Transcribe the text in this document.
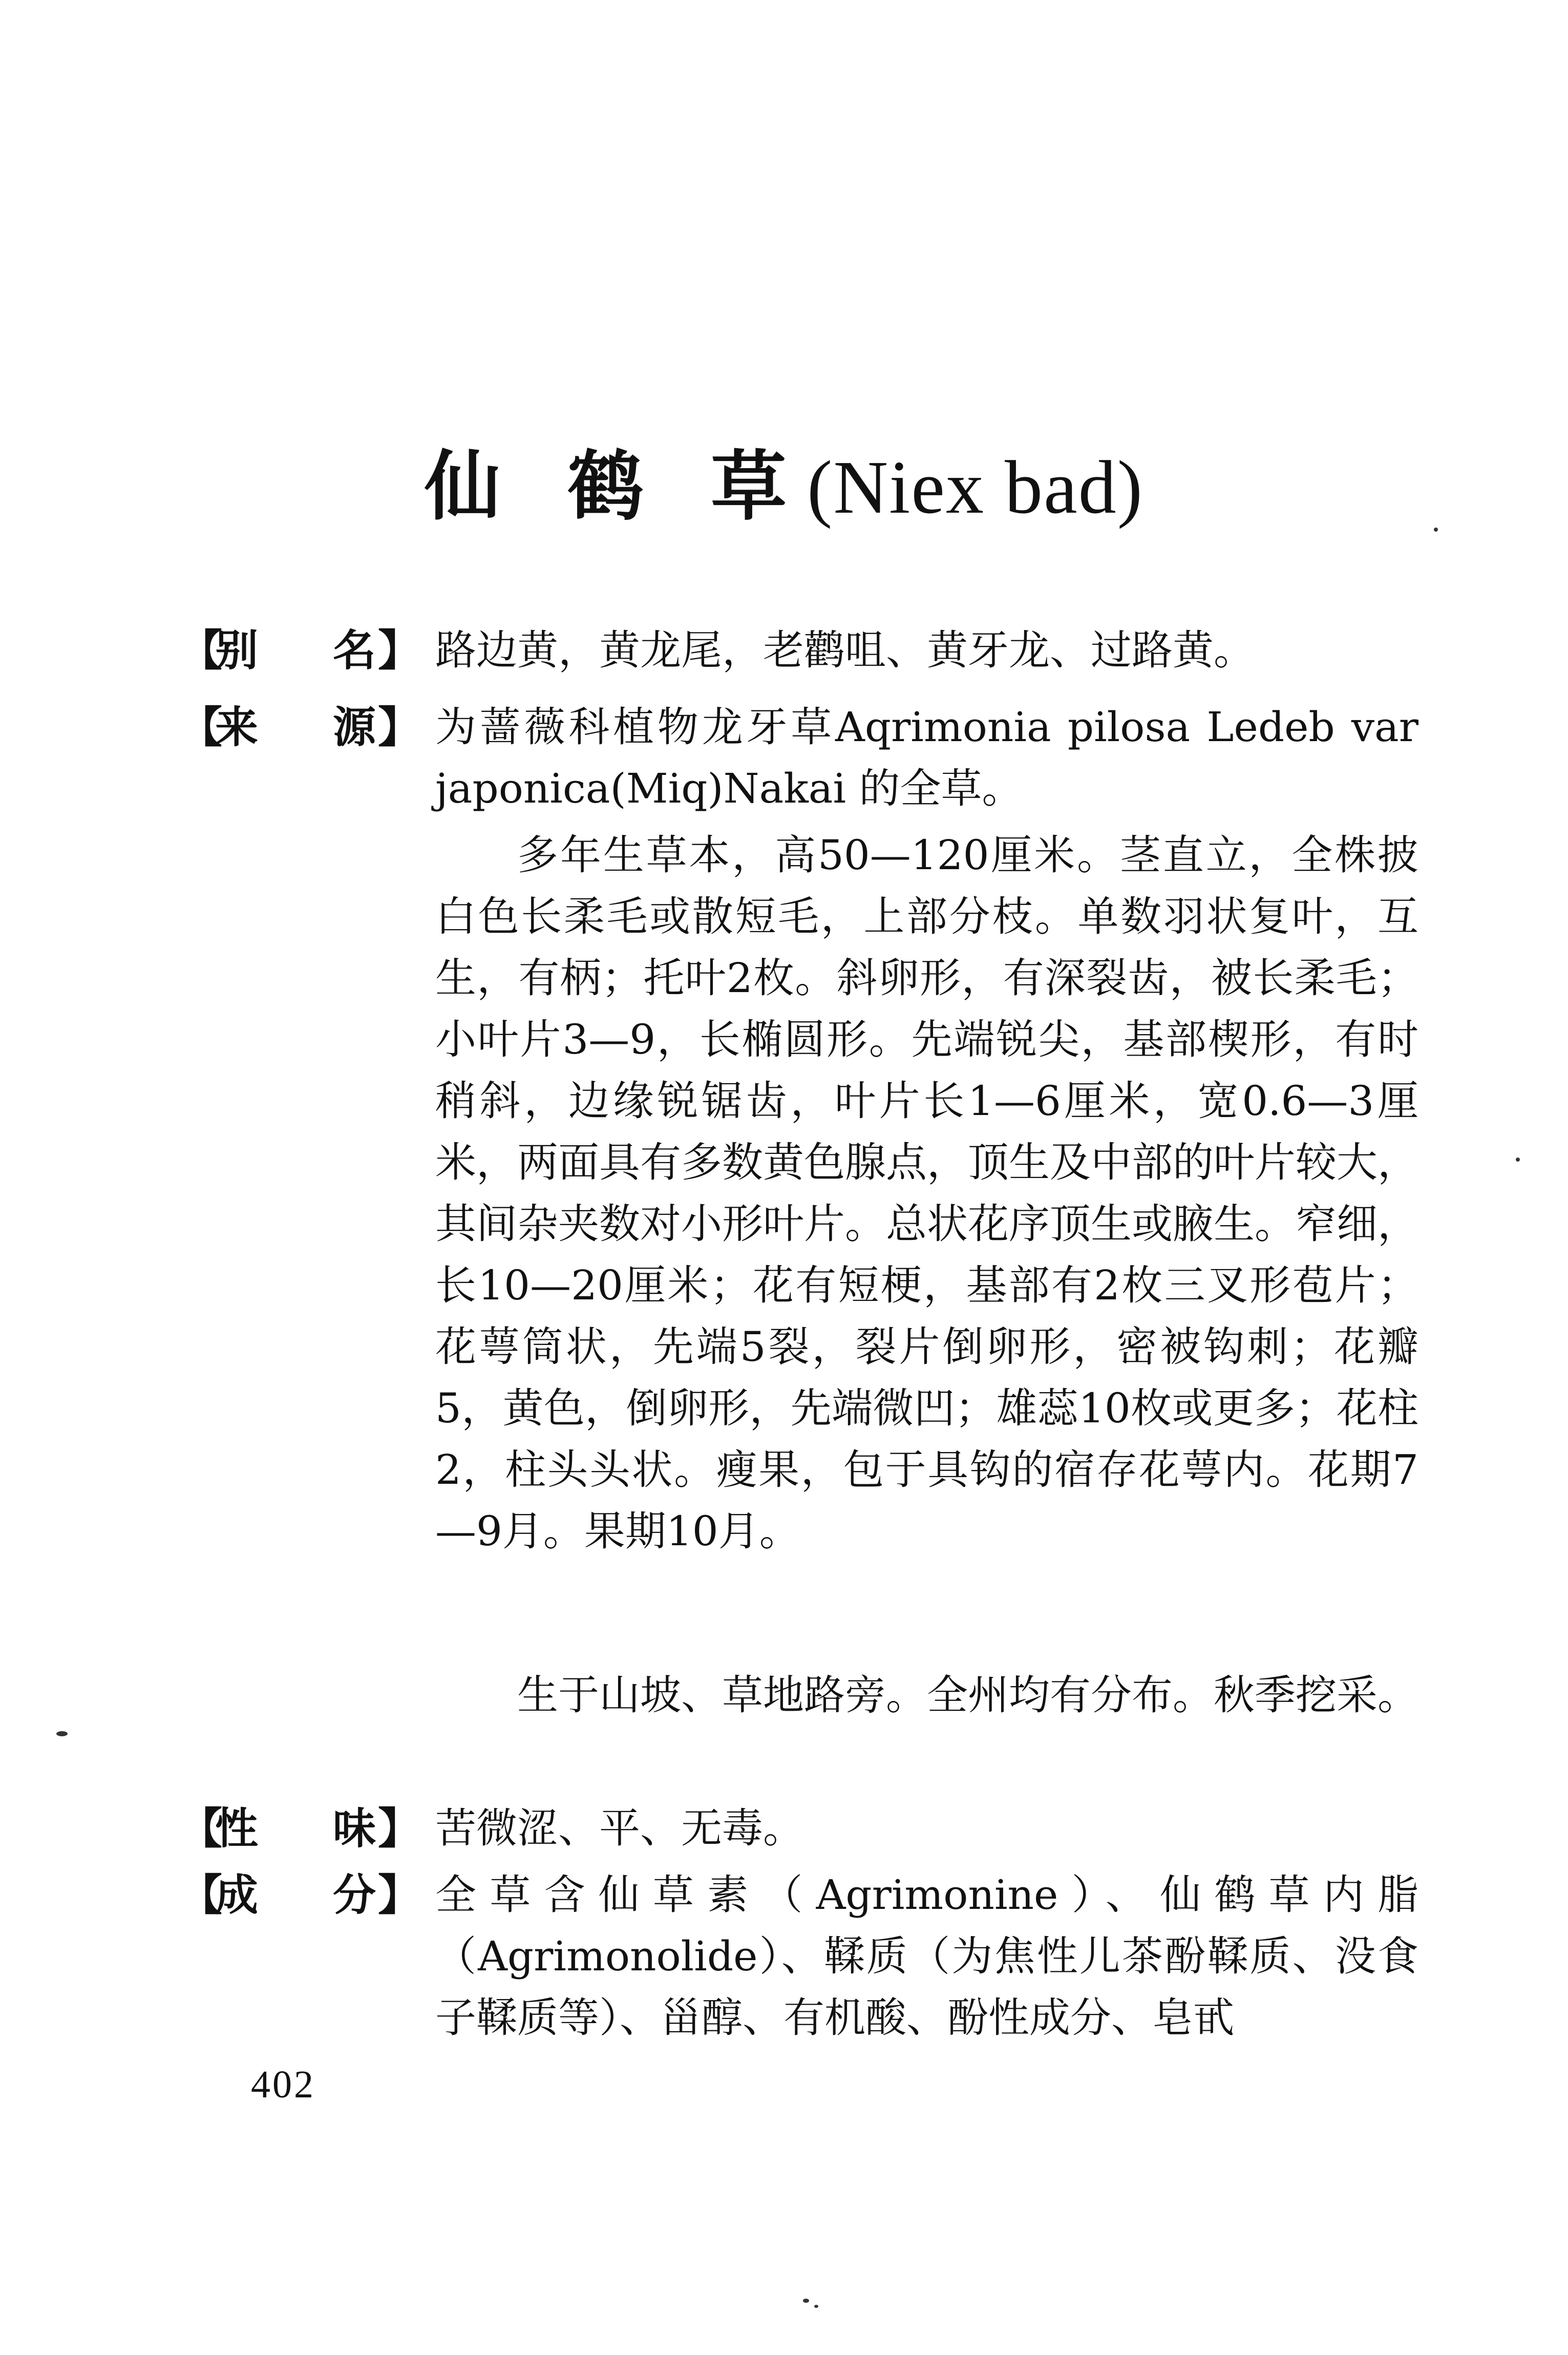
仙 鹤 草(Niex bad)
【
别 名 】 路边黄，黄龙尾，老鹳咀、黄牙龙、过路黄。
【
来 源 】 为蔷薇科植物龙牙草Aqrimonia pilosa Ledeb var japonica(Miq)Nakai 的全草。
多年生草本，高50—120厘米。茎直立，全株披白色长柔毛或散短毛，上部分枝。单数羽状复叶，互生，有柄；托叶2枚。斜卵形，有深裂齿，被长柔毛；小叶片3—9，长椭圆形。先端锐尖，基部楔形，有时稍斜，边缘锐锯齿，叶片长1—6厘米，宽0.6—3厘米，两面具有多数黄色腺点，顶生及中部的叶片较大，其间杂夹数对小形叶片。总状花序顶生或腋生。窄细，长10—20厘米；花有短梗，基部有2枚三叉形苞片；花萼筒状，先端5裂，裂片倒卵形，密被钩刺；花瓣5，黄色，倒卵形，先端微凹；雄蕊10枚或更多；花柱2，柱头头状。瘦果，包于具钩的宿存花萼内。花期7—9月。果期10月。
生于山坡、草地路旁。全州均有分布。秋季挖采。
【
性 味 】 苦微涩、平、无毒。
【
成 分 】 全草含仙草素（Agrimonine）、仙鹤草内脂（Agrimonolide）、鞣质（为焦性儿茶酚鞣质、没食子鞣质等）、甾醇、有机酸、酚性成分、皂甙
402
